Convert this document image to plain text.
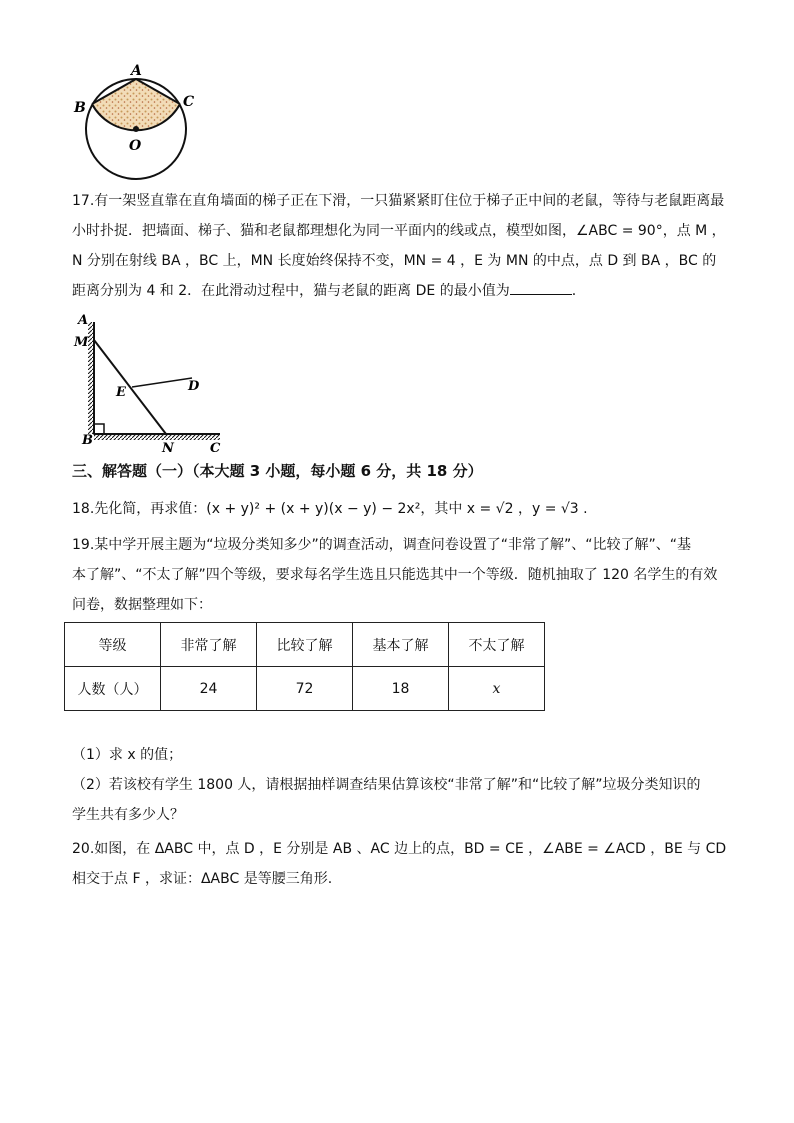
A
B	C
O
17.有一架竖直靠在直角墙面的梯子正在下滑，一只猫紧紧盯住位于梯子正中间的老鼠，等待与老鼠距离最
小时扑捉．把墙面、梯子、猫和老鼠都理想化为同一平面内的线或点，模型如图，∠ABC = 90°，点 M ，
N 分别在射线 BA ，BC 上，MN 长度始终保持不变，MN = 4 ，E 为 MN 的中点，点 D 到 BA ，BC 的
距离分别为 4 和 2．在此滑动过程中，猫与老鼠的距离 DE 的最小值为	.
A
M
E	D
B
N	C
三、解答题（一）（本大题 3 小题，每小题 6 分，共 18 分）
18.先化简，再求值：(x + y)² + (x + y)(x − y) − 2x²，其中 x = √2 ，y = √3 .
19.某中学开展主题为“垃圾分类知多少”的调查活动，调查问卷设置了“非常了解”、“比较了解”、“基
本了解”、“不太了解”四个等级，要求每名学生选且只能选其中一个等级．随机抽取了 120 名学生的有效
问卷，数据整理如下：
等级	非常了解	比较了解	基本了解	不太了解
人数（人）	24	72	18	x
（1）求 x 的值；
（2）若该校有学生 1800 人，请根据抽样调查结果估算该校“非常了解”和“比较了解”垃圾分类知识的
学生共有多少人？
20.如图，在 ΔABC 中，点 D ，E 分别是 AB 、AC 边上的点，BD = CE ，∠ABE = ∠ACD ，BE 与 CD
相交于点 F ，求证：ΔABC 是等腰三角形.
